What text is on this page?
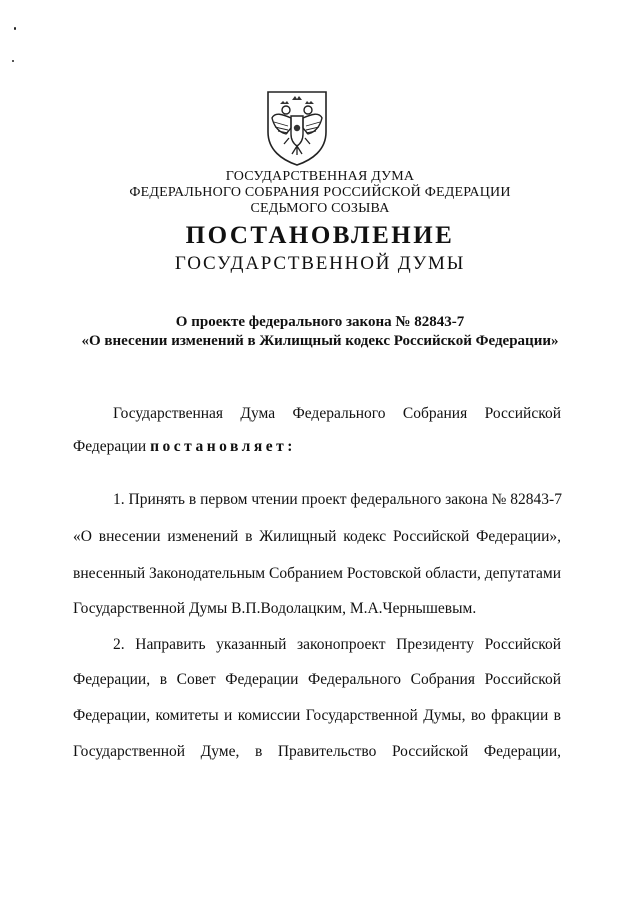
ГОСУДАРСТВЕННАЯ ДУМА
ФЕДЕРАЛЬНОГО СОБРАНИЯ РОССИЙСКОЙ ФЕДЕРАЦИИ
СЕДЬМОГО СОЗЫВА
ПОСТАНОВЛЕНИЕ
ГОСУДАРСТВЕННОЙ ДУМЫ
О проекте федерального закона № 82843-7
«О внесении изменений в Жилищный кодекс Российской Федерации»
Государственная Дума Федерального Собрания Российской
Федерации постановляет:
1. Принять в первом чтении проект федерального закона № 82843-7
«О внесении изменений в Жилищный кодекс Российской Федерации»,
внесенный Законодательным Собранием Ростовской области, депутатами
Государственной Думы В.П.Водолацким, М.А.Чернышевым.
2. Направить указанный законопроект Президенту Российской
Федерации, в Совет Федерации Федерального Собрания Российской
Федерации, комитеты и комиссии Государственной Думы, во фракции в
Государственной Думе, в Правительство Российской Федерации,
